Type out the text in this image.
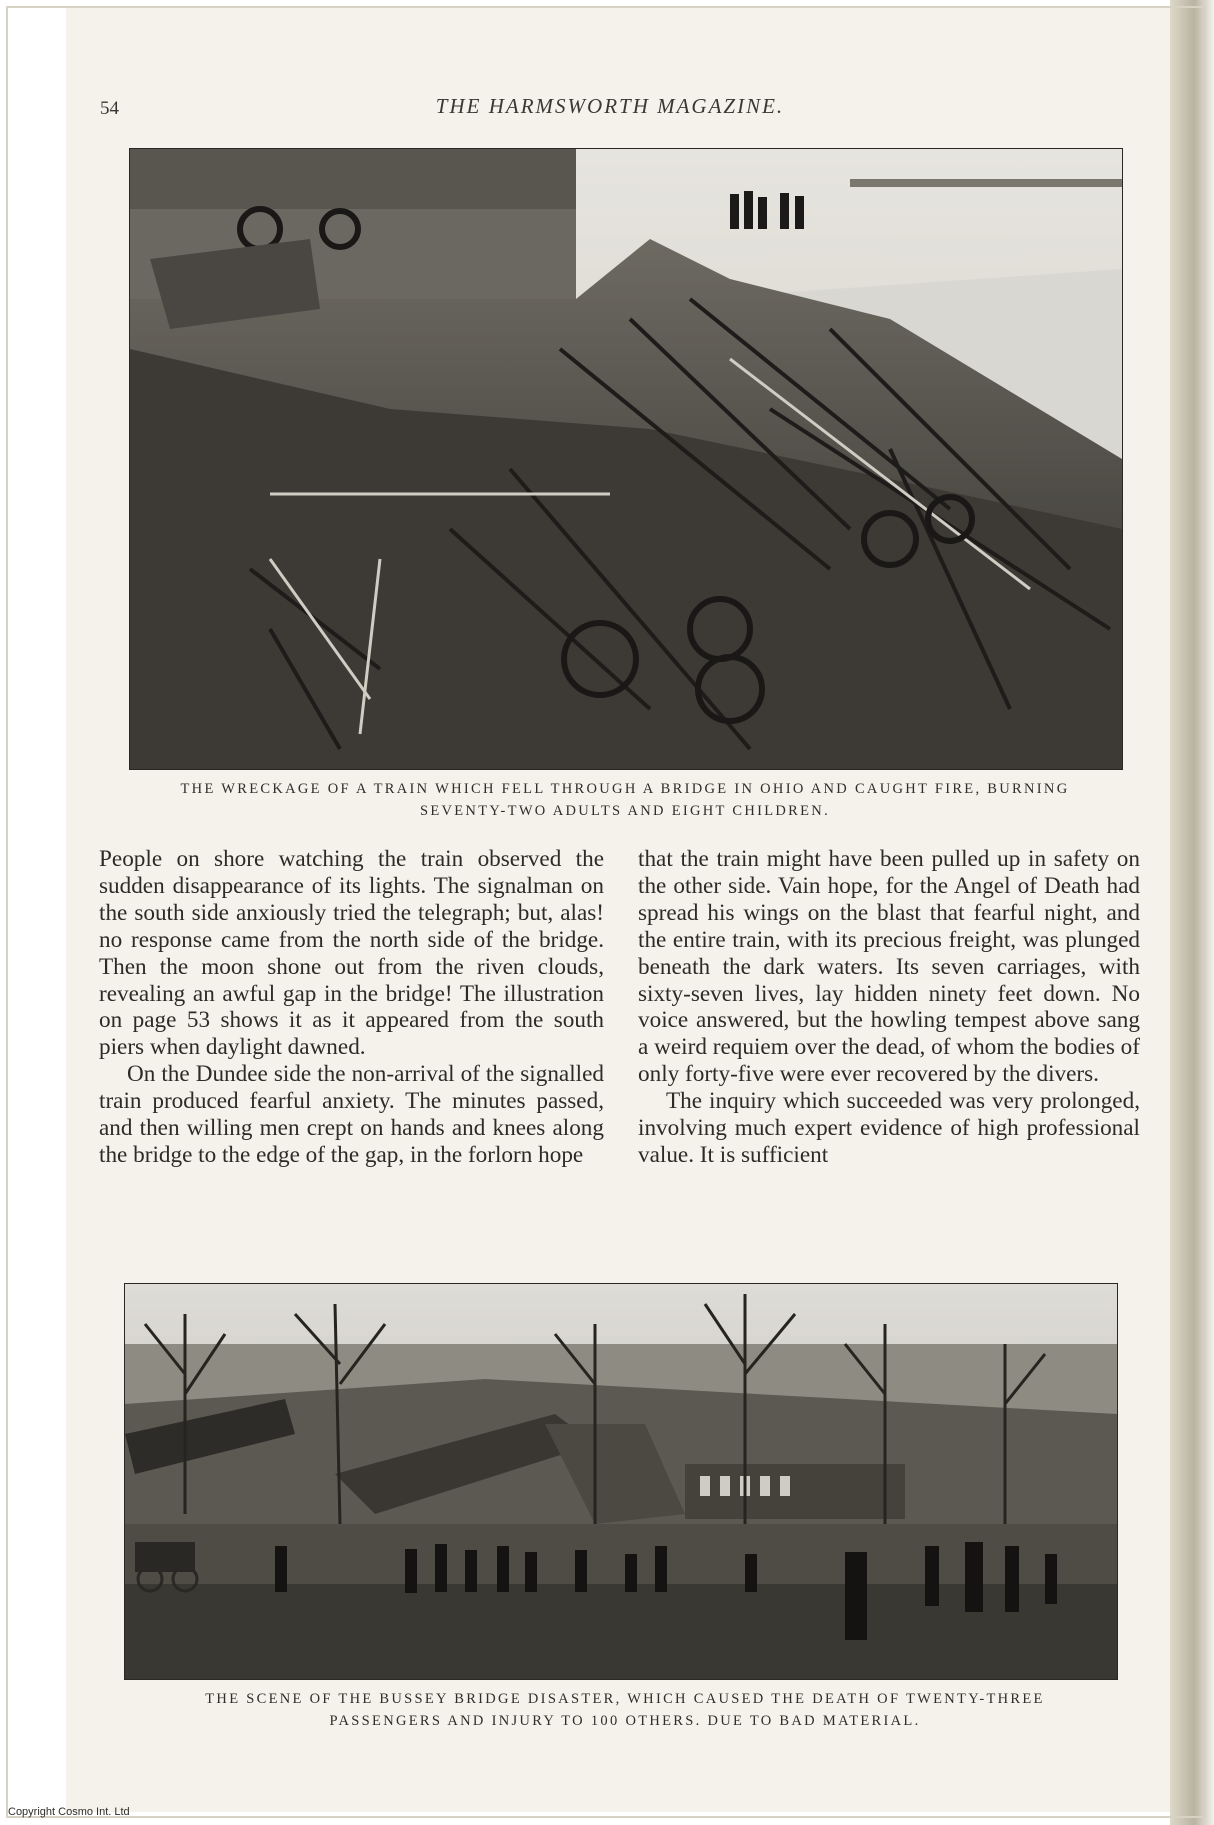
54	THE HARMSWORTH MAGAZINE.
THE WRECKAGE OF A TRAIN WHICH FELL THROUGH A BRIDGE IN OHIO AND CAUGHT FIRE, BURNING
SEVENTY-TWO ADULTS AND EIGHT CHILDREN.

People on shore watching the train observed the sudden disappearance of its lights. The signalman on the south side anxiously tried the telegraph; but, alas! no response came from the north side of the bridge. Then the moon shone out from the riven clouds, revealing an awful gap in the bridge! The illustration on page 53 shows it as it appeared from the south piers when daylight dawned.

On the Dundee side the non-arrival of the signalled train produced fearful anxiety. The minutes passed, and then willing men crept on hands and knees along the bridge to the edge of the gap, in the forlorn hope

that the train might have been pulled up in safety on the other side. Vain hope, for the Angel of Death had spread his wings on the blast that fearful night, and the entire train, with its precious freight, was plunged beneath the dark waters. Its seven carriages, with sixty-seven lives, lay hidden ninety feet down. No voice answered, but the howling tempest above sang a weird requiem over the dead, of whom the bodies of only forty-five were ever recovered by the divers.

The inquiry which succeeded was very prolonged, involving much expert evidence of high professional value. It is sufficient

THE SCENE OF THE BUSSEY BRIDGE DISASTER, WHICH CAUSED THE DEATH OF TWENTY-THREE
PASSENGERS AND INJURY TO 100 OTHERS. DUE TO BAD MATERIAL.
Copyright Cosmo Int. Ltd
